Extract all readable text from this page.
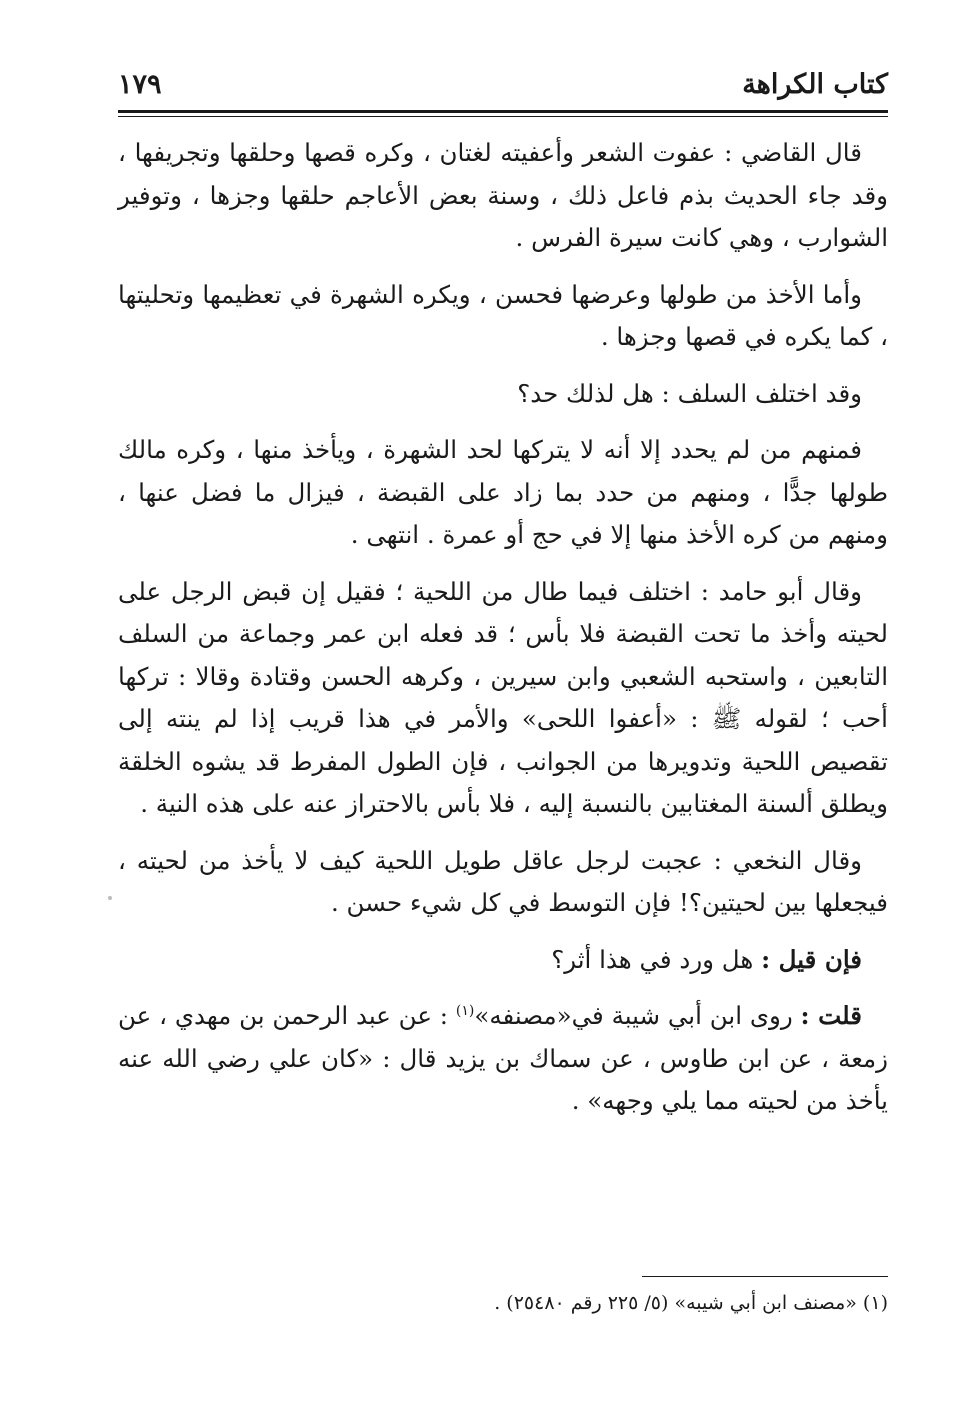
كتاب الكراهة
١٧٩

قال القاضي : عفوت الشعر وأعفيته لغتان ، وكره قصها وحلقها وتجريفها ، وقد جاء الحديث بذم فاعل ذلك ، وسنة بعض الأعاجم حلقها وجزها ، وتوفير الشوارب ، وهي كانت سيرة الفرس .

وأما الأخذ من طولها وعرضها فحسن ، ويكره الشهرة في تعظيمها وتحليتها ، كما يكره في قصها وجزها .

وقد اختلف السلف : هل لذلك حد؟

فمنهم من لم يحدد إلا أنه لا يتركها لحد الشهرة ، ويأخذ منها ، وكره مالك طولها جدًّا ، ومنهم من حدد بما زاد على القبضة ، فيزال ما فضل عنها ، ومنهم من كره الأخذ منها إلا في حج أو عمرة . انتهى .

وقال أبو حامد : اختلف فيما طال من اللحية ؛ فقيل إن قبض الرجل على لحيته وأخذ ما تحت القبضة فلا بأس ؛ قد فعله ابن عمر وجماعة من السلف التابعين ، واستحبه الشعبي وابن سيرين ، وكرهه الحسن وقتادة وقالا : تركها أحب ؛ لقوله ﷺ : «أعفوا اللحى» والأمر في هذا قريب إذا لم ينته إلى تقصيص اللحية وتدويرها من الجوانب ، فإن الطول المفرط قد يشوه الخلقة ويطلق ألسنة المغتابين بالنسبة إليه ، فلا بأس بالاحتراز عنه على هذه النية .

وقال النخعي : عجبت لرجل عاقل طويل اللحية كيف لا يأخذ من لحيته ، فيجعلها بين لحيتين؟! فإن التوسط في كل شيء حسن .

فإن قيل : هل ورد في هذا أثر؟

قلت : روى ابن أبي شيبة في«مصنفه»$^{(١)}$ : عن عبد الرحمن بن مهدي ، عن زمعة ، عن ابن طاوس ، عن سماك بن يزيد قال : «كان علي رضي الله عنه يأخذ من لحيته مما يلي وجهه» .

(١) «مصنف ابن أبي شيبه» (٥/ ٢٢٥ رقم ٢٥٤٨٠) .
